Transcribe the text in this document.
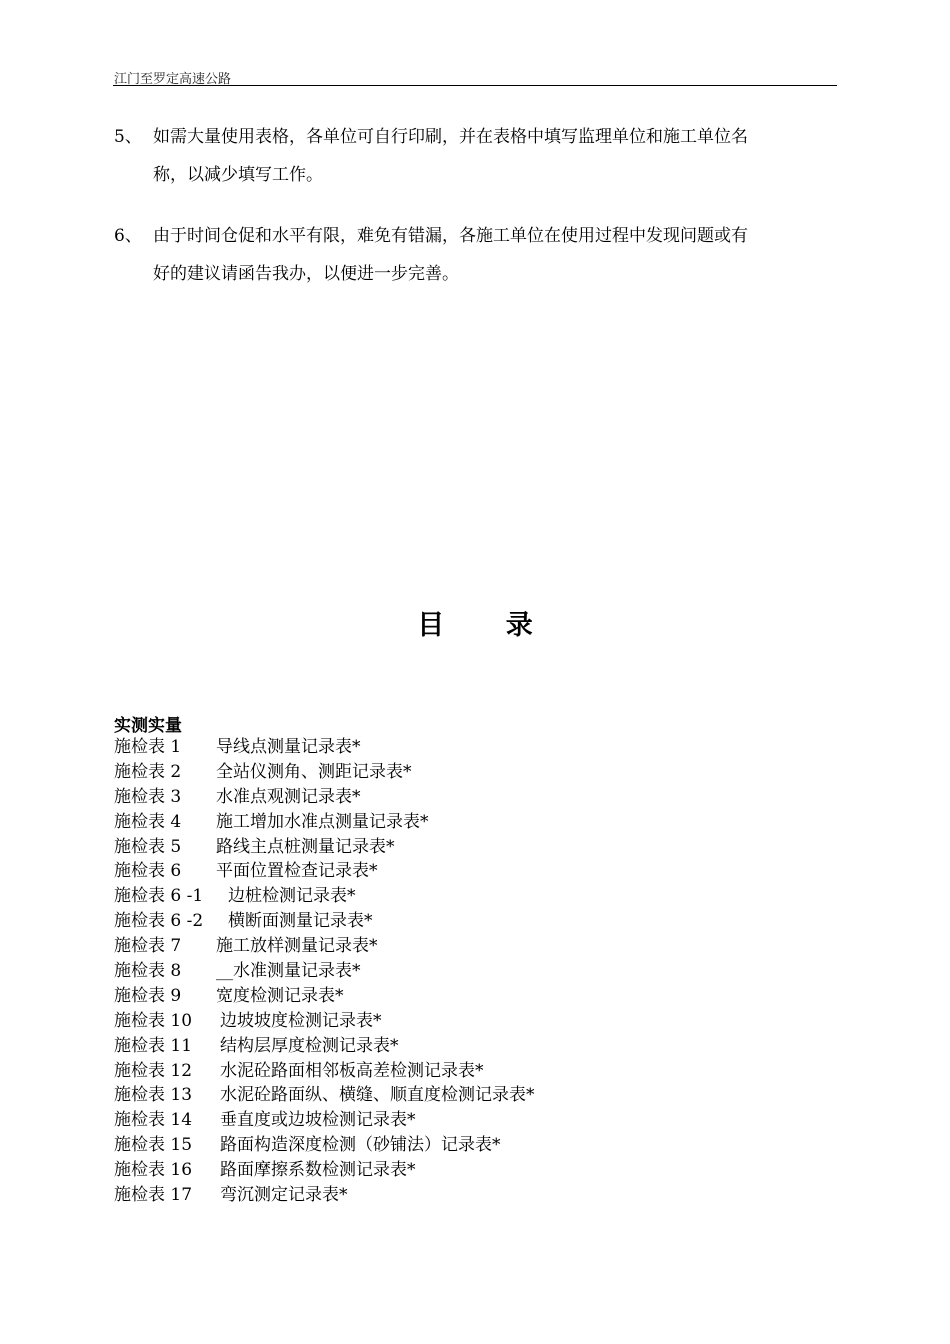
江门至罗定高速公路
5、 如需大量使用表格，各单位可自行印刷，并在表格中填写监理单位和施工单位名
称，以减少填写工作。
6、 由于时间仓促和水平有限，难免有错漏，各施工单位在使用过程中发现问题或有
好的建议请函告我办，以便进一步完善。
目 录
实测实量
施检表 1 导线点测量记录表*
施检表 2 全站仪测角、测距记录表*
施检表 3 水准点观测记录表*
施检表 4 施工增加水准点测量记录表*
施检表 5 路线主点桩测量记录表*
施检表 6 平面位置检查记录表*
施检表 6 -1 边桩检测记录表*
施检表 6 -2 横断面测量记录表*
施检表 7 施工放样测量记录表*
施检表 8 __水准测量记录表*
施检表 9 宽度检测记录表*
施检表 10 边坡坡度检测记录表*
施检表 11 结构层厚度检测记录表*
施检表 12 水泥砼路面相邻板高差检测记录表*
施检表 13 水泥砼路面纵、横缝、顺直度检测记录表*
施检表 14 垂直度或边坡检测记录表*
施检表 15 路面构造深度检测（砂铺法）记录表*
施检表 16 路面摩擦系数检测记录表*
施检表 17 弯沉测定记录表*
